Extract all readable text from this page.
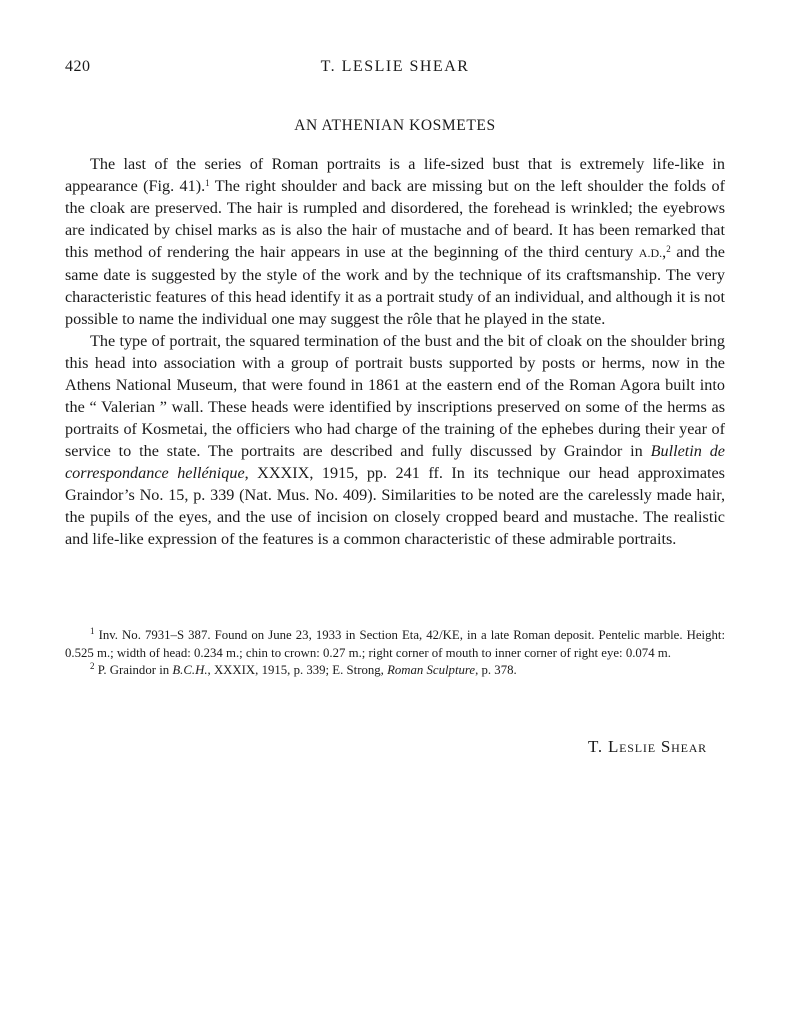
420	T. LESLIE SHEAR
AN ATHENIAN KOSMETES

The last of the series of Roman portraits is a life-sized bust that is extremely life-like in appearance (Fig. 41).$^1$ The right shoulder and back are missing but on the left shoulder the folds of the cloak are preserved. The hair is rumpled and disordered, the forehead is wrinkled; the eyebrows are indicated by chisel marks as is also the hair of mustache and of beard. It has been remarked that this method of rendering the hair appears in use at the beginning of the third century A.D.,$^2$ and the same date is suggested by the style of the work and by the technique of its craftsmanship. The very characteristic features of this head identify it as a portrait study of an individual, and although it is not possible to name the individual one may suggest the rôle that he played in the state.

The type of portrait, the squared termination of the bust and the bit of cloak on the shoulder bring this head into association with a group of portrait busts supported by posts or herms, now in the Athens National Museum, that were found in 1861 at the eastern end of the Roman Agora built into the “ Valerian ” wall. These heads were identified by inscriptions preserved on some of the herms as portraits of Kosmetai, the officiers who had charge of the training of the ephebes during their year of service to the state. The portraits are described and fully discussed by Graindor in Bulletin de correspondance hellénique, XXXIX, 1915, pp. 241 ff. In its technique our head approximates Graindor’s No. 15, p. 339 (Nat. Mus. No. 409). Similarities to be noted are the carelessly made hair, the pupils of the eyes, and the use of incision on closely cropped beard and mustache. The realistic and life-like expression of the features is a common characteristic of these admirable portraits.

$^1$ Inv. No. 7931–S 387. Found on June 23, 1933 in Section Eta, 42/KE, in a late Roman deposit. Pentelic marble. Height: 0.525 m.; width of head: 0.234 m.; chin to crown: 0.27 m.; right corner of mouth to inner corner of right eye: 0.074 m.

$^2$ P. Graindor in B.C.H., XXXIX, 1915, p. 339; E. Strong, Roman Sculpture, p. 378.

T. Leslie Shear
